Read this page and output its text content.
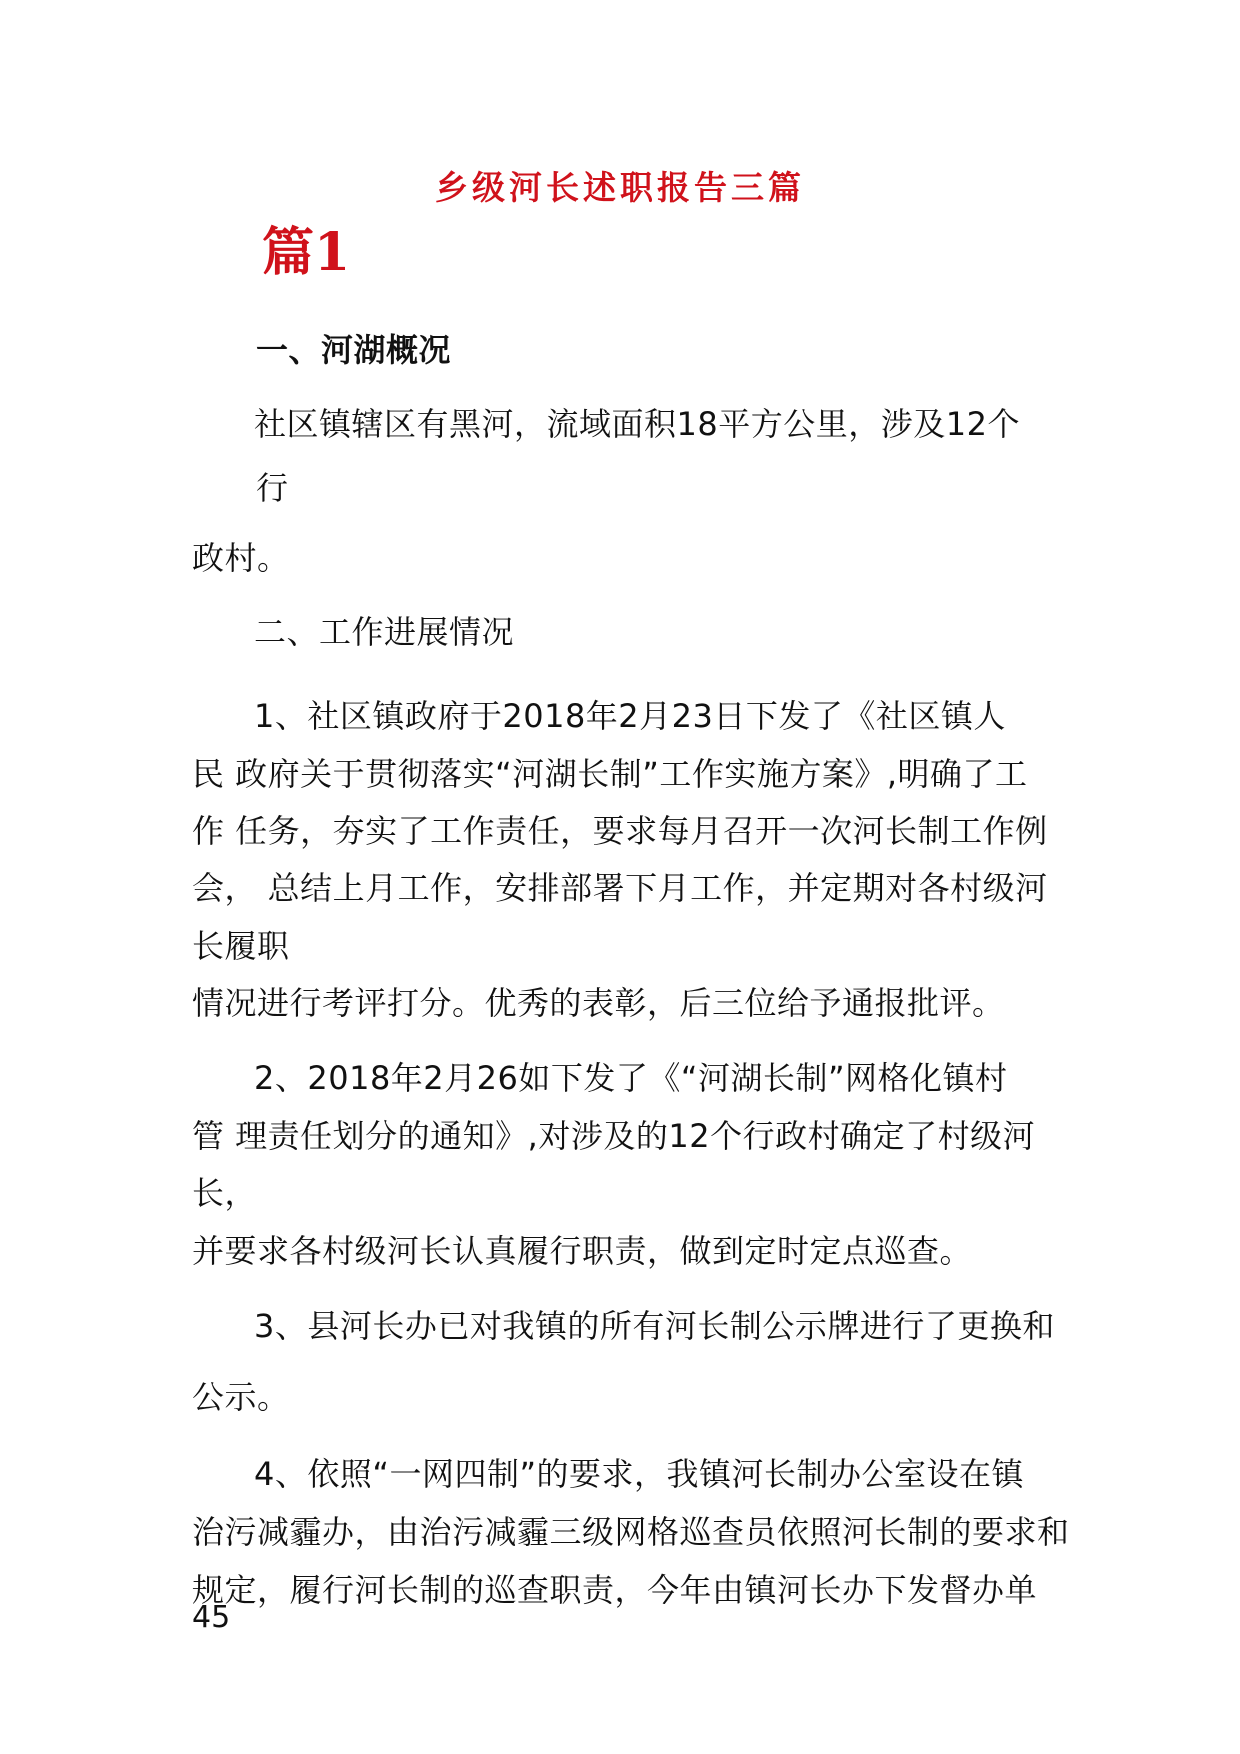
乡级河长述职报告三篇
篇1
一、河湖概况
社区镇辖区有黑河，流域面积18平方公里，涉及12个
行
政村。
二、工作进展情况
1、社区镇政府于2018年2月23日下发了《社区镇人
民 政府关于贯彻落实“河湖长制”工作实施方案》,明确了工
作 任务，夯实了工作责任，要求每月召开一次河长制工作例
会， 总结上月工作，安排部署下月工作，并定期对各村级河
长履职
情况进行考评打分。优秀的表彰，后三位给予通报批评。
2、2018年2月26如下发了《“河湖长制”网格化镇村
管 理责任划分的通知》,对涉及的12个行政村确定了村级河
长，
并要求各村级河长认真履行职责，做到定时定点巡查。
3、县河长办已对我镇的所有河长制公示牌进行了更换和
公示。
4、依照“一网四制”的要求，我镇河长制办公室设在镇
治污减霾办，由治污减霾三级网格巡查员依照河长制的要求和
规定，履行河长制的巡查职责，今年由镇河长办下发督办单
45
